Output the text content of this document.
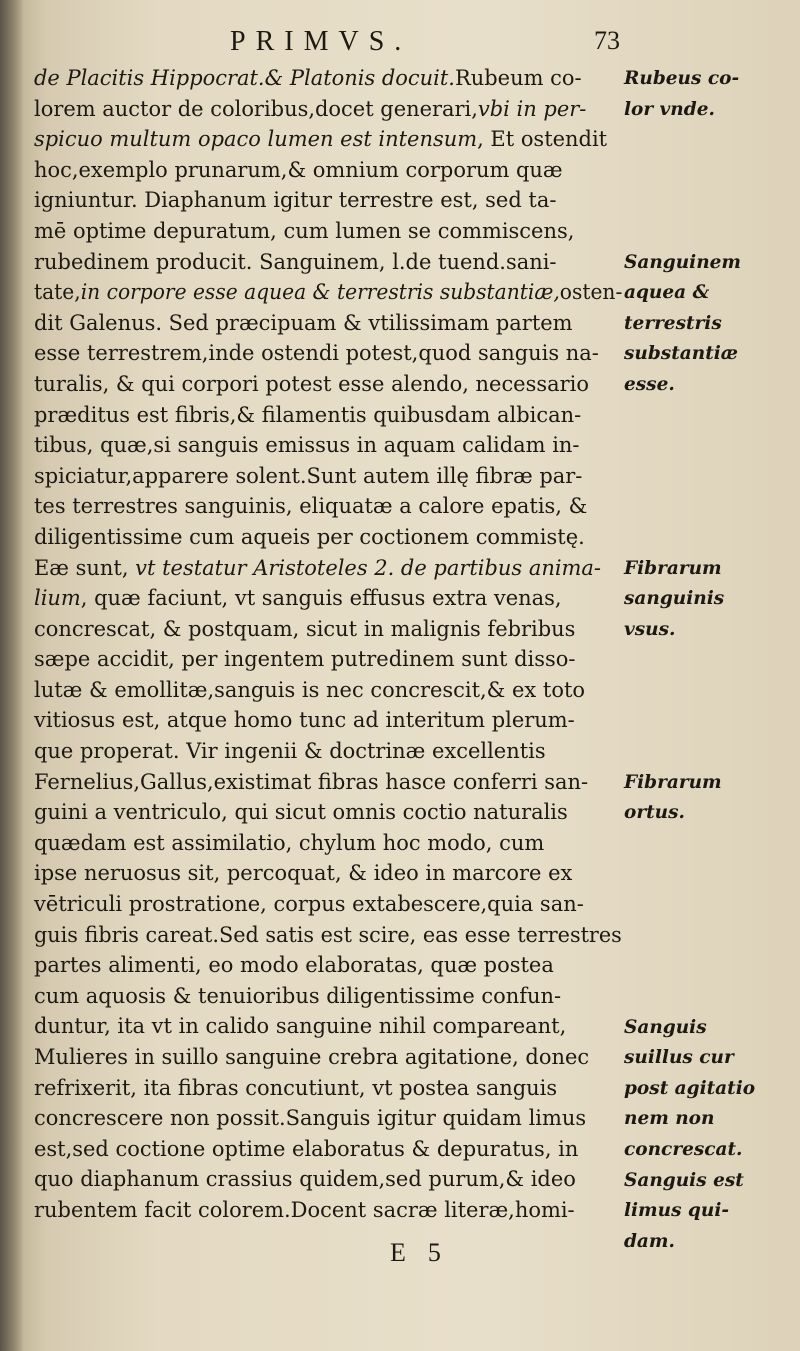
PRIMVS.	73
de Placitis Hippocrat.& Platonis docuit.Rubeum co-
lorem auctor de coloribus,docet generari,vbi in per-
spicuo multum opaco lumen est intensum, Et ostendit
hoc,exemplo prunarum,& omnium corporum quæ
igniuntur. Diaphanum igitur terrestre est, sed ta-
mē optime depuratum, cum lumen se commiscens,
rubedinem producit. Sanguinem, l.de tuend.sani-
tate,in corpore esse aquea & terrestris substantiæ,osten-
dit Galenus. Sed præcipuam & vtilissimam partem
esse terrestrem,inde ostendi potest,quod sanguis na-
turalis, & qui corpori potest esse alendo, necessario
præditus est fibris,& filamentis quibusdam albican-
tibus, quæ,si sanguis emissus in aquam calidam in-
spiciatur,apparere solent.Sunt autem illę fibræ par-
tes terrestres sanguinis, eliquatæ a calore epatis, &
diligentissime cum aqueis per coctionem commistę.
Eæ sunt, vt testatur Aristoteles 2. de partibus anima-
lium, quæ faciunt, vt sanguis effusus extra venas,
concrescat, & postquam, sicut in malignis febribus
sæpe accidit, per ingentem putredinem sunt disso-
lutæ & emollitæ,sanguis is nec concrescit,& ex toto
vitiosus est, atque homo tunc ad interitum plerum-
que properat. Vir ingenii & doctrinæ excellentis
Fernelius,Gallus,existimat fibras hasce conferri san-
guini a ventriculo, qui sicut omnis coctio naturalis
quædam est assimilatio, chylum hoc modo, cum
ipse neruosus sit, percoquat, & ideo in marcore ex
vētriculi prostratione, corpus extabescere,quia san-
guis fibris careat.Sed satis est scire, eas esse terrestres
partes alimenti, eo modo elaboratas, quæ postea
cum aquosis & tenuioribus diligentissime confun-
duntur, ita vt in calido sanguine nihil compareant,
Mulieres in suillo sanguine crebra agitatione, donec
refrixerit, ita fibras concutiunt, vt postea sanguis
concrescere non possit.Sanguis igitur quidam limus
est,sed coctione optime elaboratus & depuratus, in
quo diaphanum crassius quidem,sed purum,& ideo
rubentem facit colorem.Docent sacræ literæ,homi-
Rubeus co-
lor vnde.
Sanguinem
aquea &
terrestris
substantiæ
esse.
Fibrarum
sanguinis
vsus.
Fibrarum
ortus.
Sanguis
suillus cur
post agitatio
nem non
concrescat.
Sanguis est
limus qui-
dam.
E 5
